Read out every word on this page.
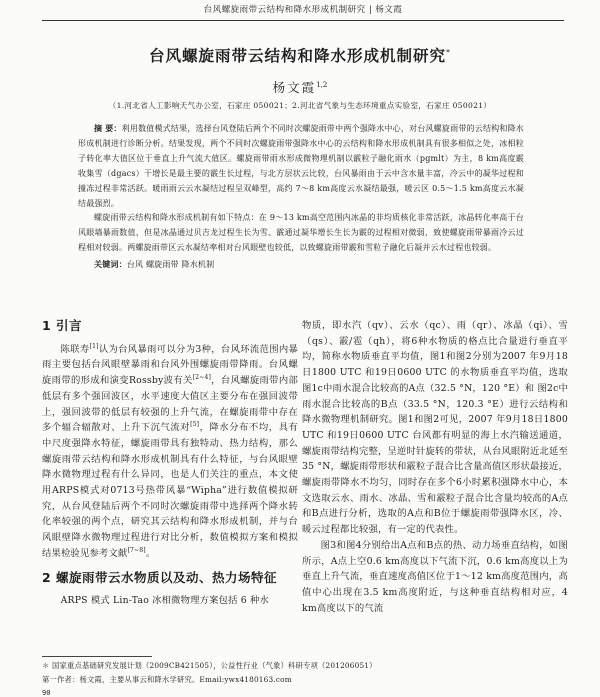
台风螺旋雨带云结构和降水形成机制研究 | 杨文霞
台风螺旋雨带云结构和降水形成机制研究*
杨文霞$^{1,2}$
（1.河北省人工影响天气办公室，石家庄 050021；2.河北省气象与生态环境重点实验室，石家庄 050021）

摘 要：利用数值模式结果，选择台风登陆后两个不同时次螺旋雨带中两个强降水中心，对台风螺旋雨带的云结构和降水形成机制进行诊断分析。结果发现，两个不同时次螺旋雨带强降水中心的云结构和降水形成机制具有很多相似之处，冰相粒子转化率大值区位于垂直上升气流大值区。螺旋雨带雨水形成微物理机制以霰粒子融化雨水（pgmlt）为主，8 km高度霰收集雪（dgacs）干增长是最主要的霰生长过程，与北方层状云比较，台风暴雨由于云中含水量丰富，冷云中的凝华过程和撞冻过程非常活跃。暖雨雨云云水凝结过程呈双峰型，高约 7～8 km高度云水凝结最强，暖云区 0.5～1.5 km高度云水凝结最强烈。

螺旋雨带云结构和降水形成机制有如下特点：在 9～13 km高空范围内冰晶的非均质核化非常活跃，冰晶转化率高于台风眼墙暴雨数值，但是冰晶通过贝吉龙过程生长为雪、霰通过凝华增长生长为霰的过程相对微弱，致使螺旋雨带暴雨冷云过程相对较弱。两螺旋雨带区云水凝结率相对台风眼壁也较低，以致螺旋雨带霰和雪粒子融化后凝并云水过程也较弱。

关键词：台风 螺旋雨带 降水机制
1 引言

陈联寿[1]认为台风暴雨可以分为3种，台风环流范围内暴雨主要包括台风眼壁暴雨和台风外围螺旋雨带降雨。台风螺旋雨带的形成和演变Rossby波有关[2~4]，台风螺旋雨带内部低层有多个强回波区，水平速度大值区主要分布在强回波带上，强回波带的低层有较强的上升气流，在螺旋雨带中存在多个辐合辐散对、上升下沉气流对[5]，降水分布不均，具有中尺度强降水特征，螺旋雨带具有独特动、热力结构，那么螺旋雨带云结构和降水形成机制具有什么特征，与台风眼壁降水微物理过程有什么异同，也是人们关注的重点，本文使用ARPS模式对0713号热带风暴“Wipha”进行数值模拟研究，从台风登陆后两个不同时次螺旋雨带中选择两个降水转化率较强的两个点，研究其云结构和降水形成机制，并与台风眼壁降水微物理过程进行对比分析，数值模拟方案和模拟结果检验见参考文献[7~8]。

2 螺旋雨带云水物质以及动、热力场特征

ARPS 模式 Lin-Tao 冰相微物理方案包括 6 种水

物质，即水汽（qv）、云水（qc）、雨（qr）、冰晶（qi）、雪（qs）、霰/雹（qh），将6种水物质的格点比合量进行垂直平均，简称水物质垂直平均值，图1和图2分别为2007 年9月18日1800 UTC 和19日0600 UTC 的水物质垂直平均值，选取图1c中雨水混合比较高的A点（32.5 °N，120 °E）和 图2c中雨水混合比较高的B点（33.5 °N，120.3 °E）进行云结构和降水微物理机制研究。图1和图2可见，2007 年9月18日1800 UTC 和19日0600 UTC 台风都有明显的海上水汽输送通道，螺旋雨带结构完整，呈逆时针旋转的带状，从台风眼附近北延至 35 °N，螺旋雨带形状和霰粒子混合比含量高值区形状最接近，螺旋雨带降水不均匀，同时存在多个6小时累积强降水中心，本文选取云水、雨水、冰晶、雪和霰粒子混合比含量均较高的A点和B点进行分析，选取的A点和B位于螺旋雨带强降水区，冷、暖云过程都比较强，有一定的代表性。

图3和图4分别给出A点和B点的热、动力场垂直结构，如图所示，A点上空0.6 km高度以下气流下沉，0.6 km高度以上为垂直上升气流，垂直速度高值区位于1～12 km高度范围内，高值中心出现在3.5 km高度附近，与这种垂直结构相对应，4 km高度以下的气流

＊ 国家重点基础研究发展计划（2009CB421505），公益性行业（气象）科研专项（201206051）
第一作者：杨文霞，主要从事云和降水学研究。Email:ywx4180163.com
90
